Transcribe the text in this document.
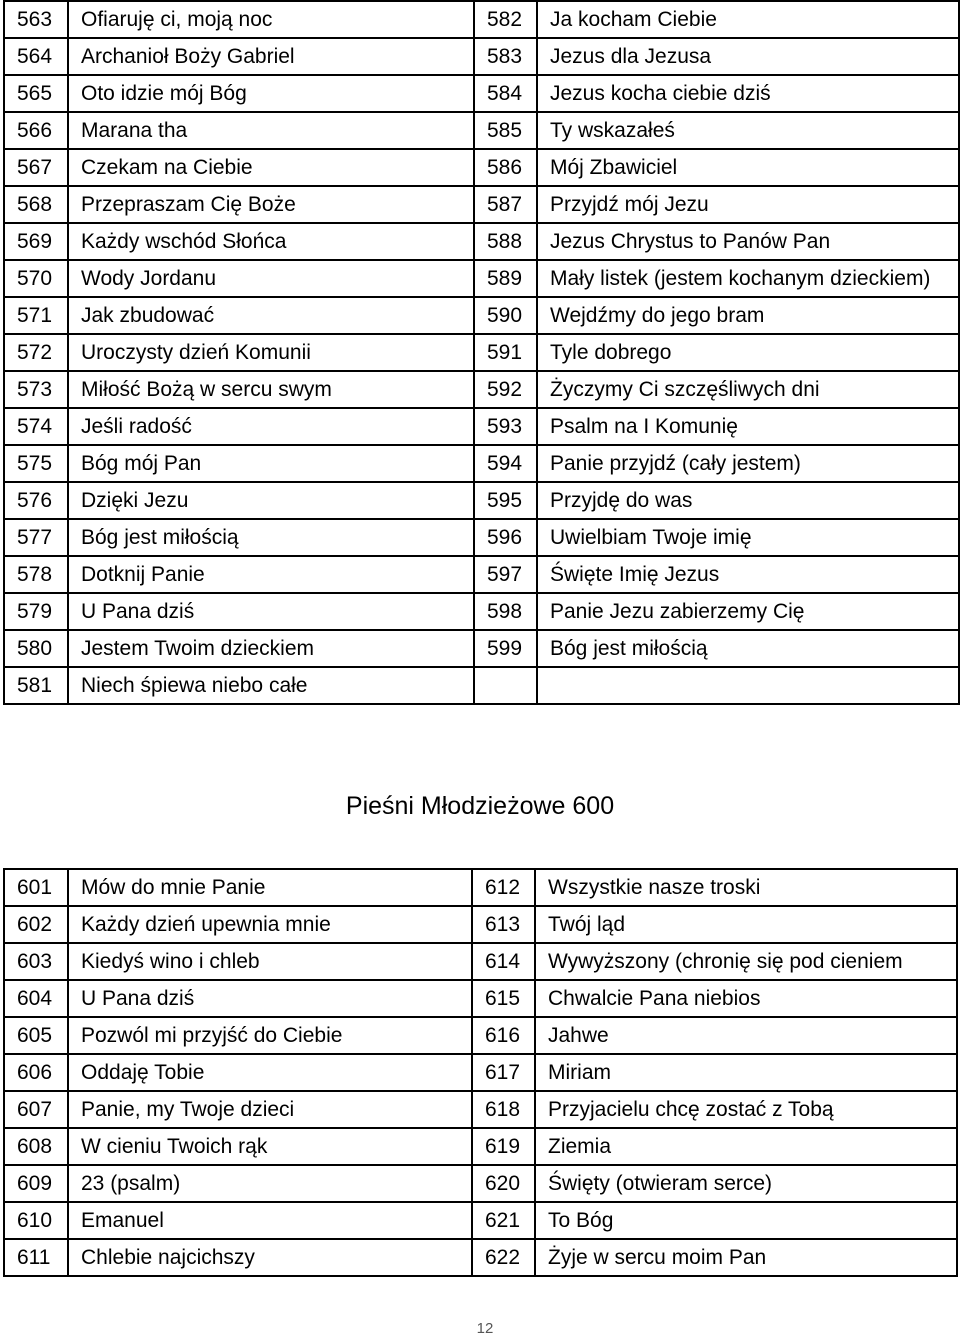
563	Ofiaruję ci, moją noc	582	Ja kocham Ciebie
564	Archanioł Boży Gabriel	583	Jezus dla Jezusa
565	Oto idzie mój Bóg	584	Jezus kocha ciebie dziś
566	Marana tha	585	Ty wskazałeś
567	Czekam na Ciebie	586	Mój Zbawiciel
568	Przepraszam Cię Boże	587	Przyjdź mój Jezu
569	Każdy wschód Słońca	588	Jezus Chrystus to Panów Pan
570	Wody Jordanu	589	Mały listek (jestem kochanym dzieckiem)
571	Jak zbudować	590	Wejdźmy do jego bram
572	Uroczysty dzień Komunii	591	Tyle dobrego
573	Miłość Bożą w sercu swym	592	Życzymy Ci szczęśliwych dni
574	Jeśli radość	593	Psalm na I Komunię
575	Bóg mój Pan	594	Panie przyjdź (cały jestem)
576	Dzięki Jezu	595	Przyjdę do was
577	Bóg jest miłością	596	Uwielbiam Twoje imię
578	Dotknij Panie	597	Święte Imię Jezus
579	U Pana dziś	598	Panie Jezu zabierzemy Cię
580	Jestem Twoim dzieckiem	599	Bóg jest miłością
581	Niech śpiewa niebo całe		
Pieśni Młodzieżowe 600
601	Mów do mnie Panie	612	Wszystkie nasze troski
602	Każdy dzień upewnia mnie	613	Twój ląd
603	Kiedyś wino i chleb	614	Wywyższony (chronię się pod cieniem
604	U Pana dziś	615	Chwalcie Pana niebios
605	Pozwól mi przyjść do Ciebie	616	Jahwe
606	Oddaję Tobie	617	Miriam
607	Panie, my Twoje dzieci	618	Przyjacielu chcę zostać z Tobą
608	W cieniu Twoich rąk	619	Ziemia
609	23 (psalm)	620	Święty (otwieram serce)
610	Emanuel	621	To Bóg
611	Chlebie najcichszy	622	Żyje w sercu moim Pan
12
